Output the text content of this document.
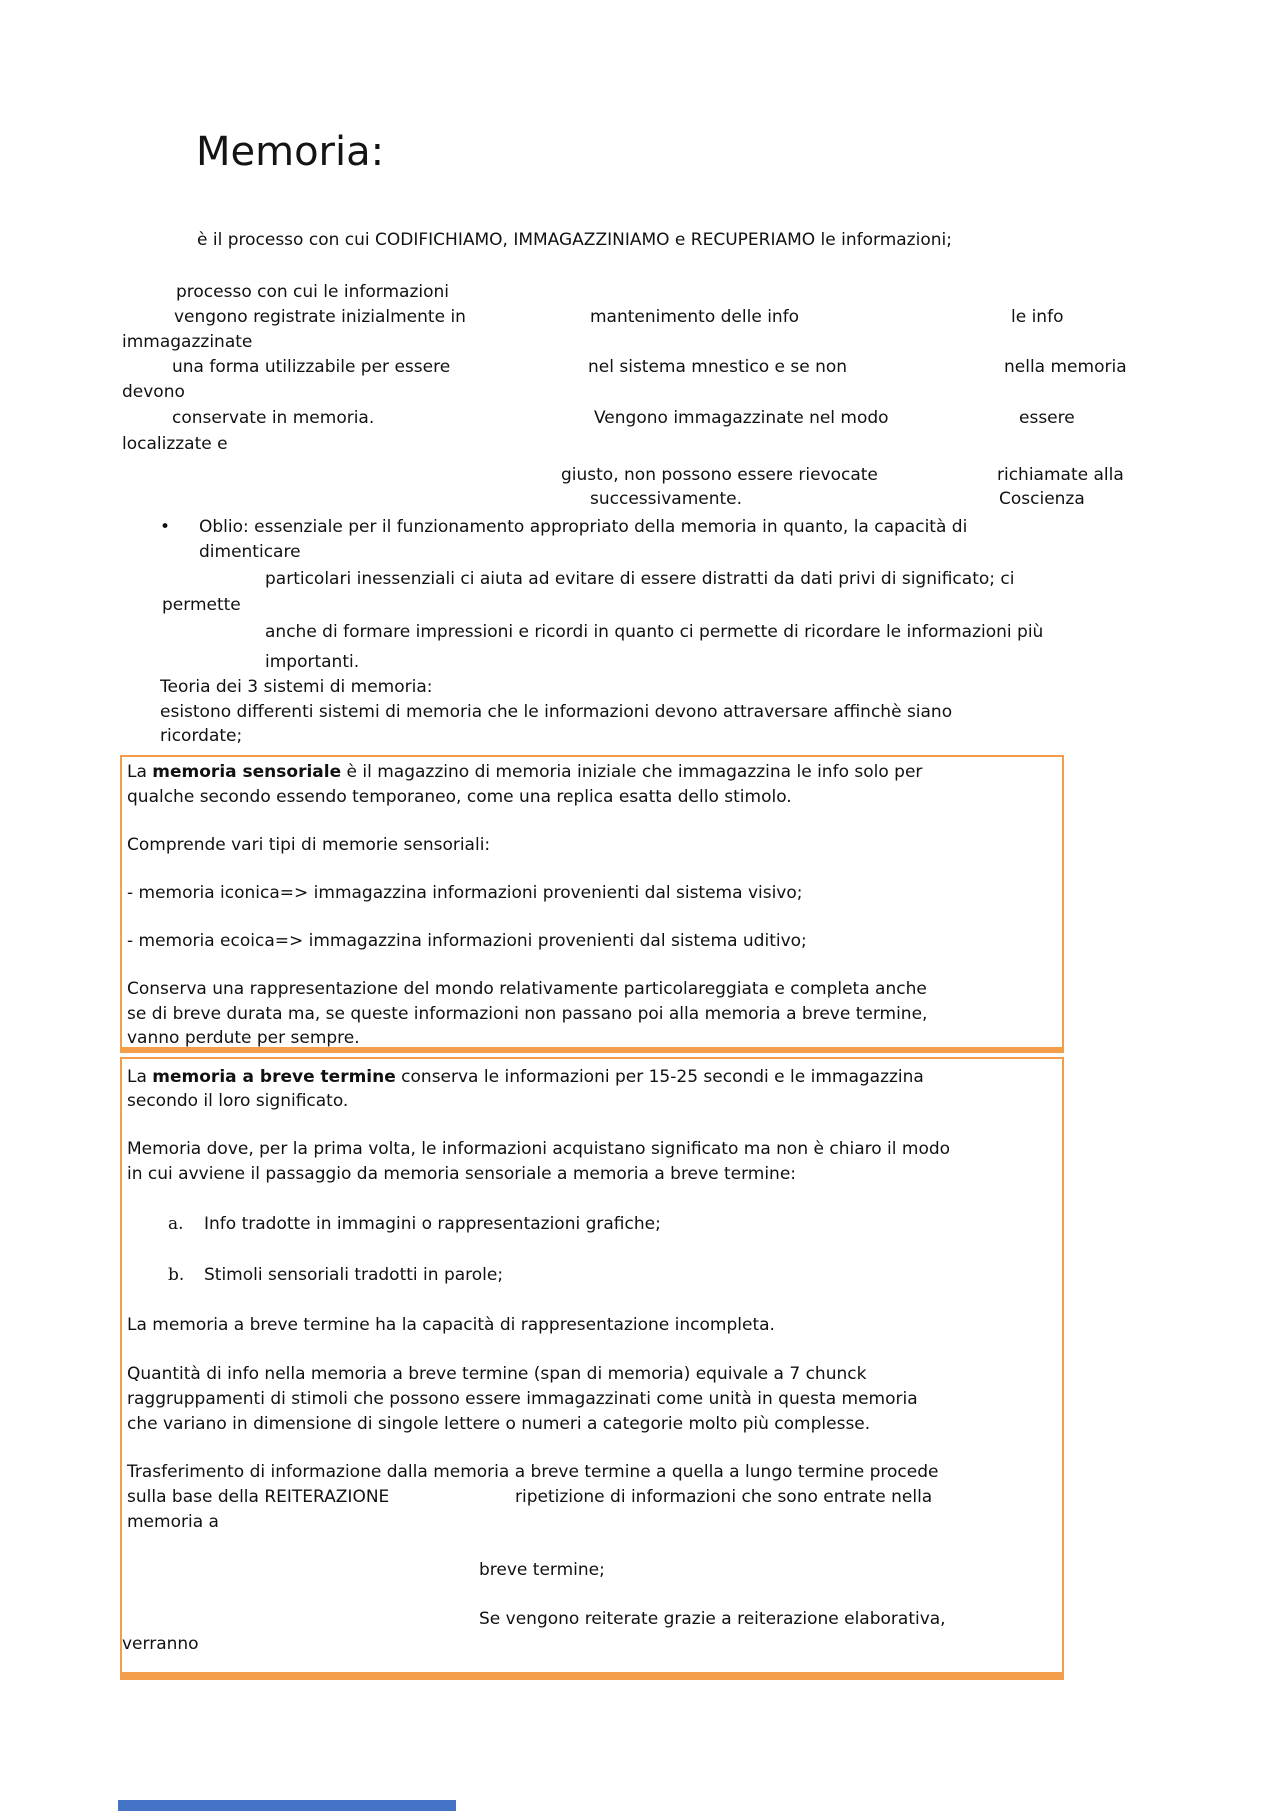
Memoria:
è il processo con cui CODIFICHIAMO, IMMAGAZZINIAMO e RECUPERIAMO le informazioni;
processo con cui le informazioni
vengono registrate inizialmente in	mantenimento delle info	le info
immagazzinate
una forma utilizzabile per essere	nel sistema mnestico e se non	nella memoria
devono
conservate in memoria.	Vengono immagazzinate nel modo	essere
localizzate e
giusto, non possono essere rievocate	richiamate alla
successivamente.	Coscienza
• Oblio: essenziale per il funzionamento appropriato della memoria in quanto, la capacità di
dimenticare
particolari inessenziali ci aiuta ad evitare di essere distratti da dati privi di significato; ci
permette
anche di formare impressioni e ricordi in quanto ci permette di ricordare le informazioni più
importanti.
Teoria dei 3 sistemi di memoria:
esistono differenti sistemi di memoria che le informazioni devono attraversare affinchè siano
ricordate;
La memoria sensoriale è il magazzino di memoria iniziale che immagazzina le info solo per
qualche secondo essendo temporaneo, come una replica esatta dello stimolo.
Comprende vari tipi di memorie sensoriali:
- memoria iconica=> immagazzina informazioni provenienti dal sistema visivo;
- memoria ecoica=> immagazzina informazioni provenienti dal sistema uditivo;
Conserva una rappresentazione del mondo relativamente particolareggiata e completa anche
se di breve durata ma, se queste informazioni non passano poi alla memoria a breve termine,
vanno perdute per sempre.
La memoria a breve termine conserva le informazioni per 15-25 secondi e le immagazzina
secondo il loro significato.
Memoria dove, per la prima volta, le informazioni acquistano significato ma non è chiaro il modo
in cui avviene il passaggio da memoria sensoriale a memoria a breve termine:
a. Info tradotte in immagini o rappresentazioni grafiche;
b. Stimoli sensoriali tradotti in parole;
La memoria a breve termine ha la capacità di rappresentazione incompleta.
Quantità di info nella memoria a breve termine (span di memoria) equivale a 7 chunck
raggruppamenti di stimoli che possono essere immagazzinati come unità in questa memoria
che variano in dimensione di singole lettere o numeri a categorie molto più complesse.
Trasferimento di informazione dalla memoria a breve termine a quella a lungo termine procede
sulla base della REITERAZIONE	ripetizione di informazioni che sono entrate nella
memoria a
breve termine;
Se vengono reiterate grazie a reiterazione elaborativa,
verranno
